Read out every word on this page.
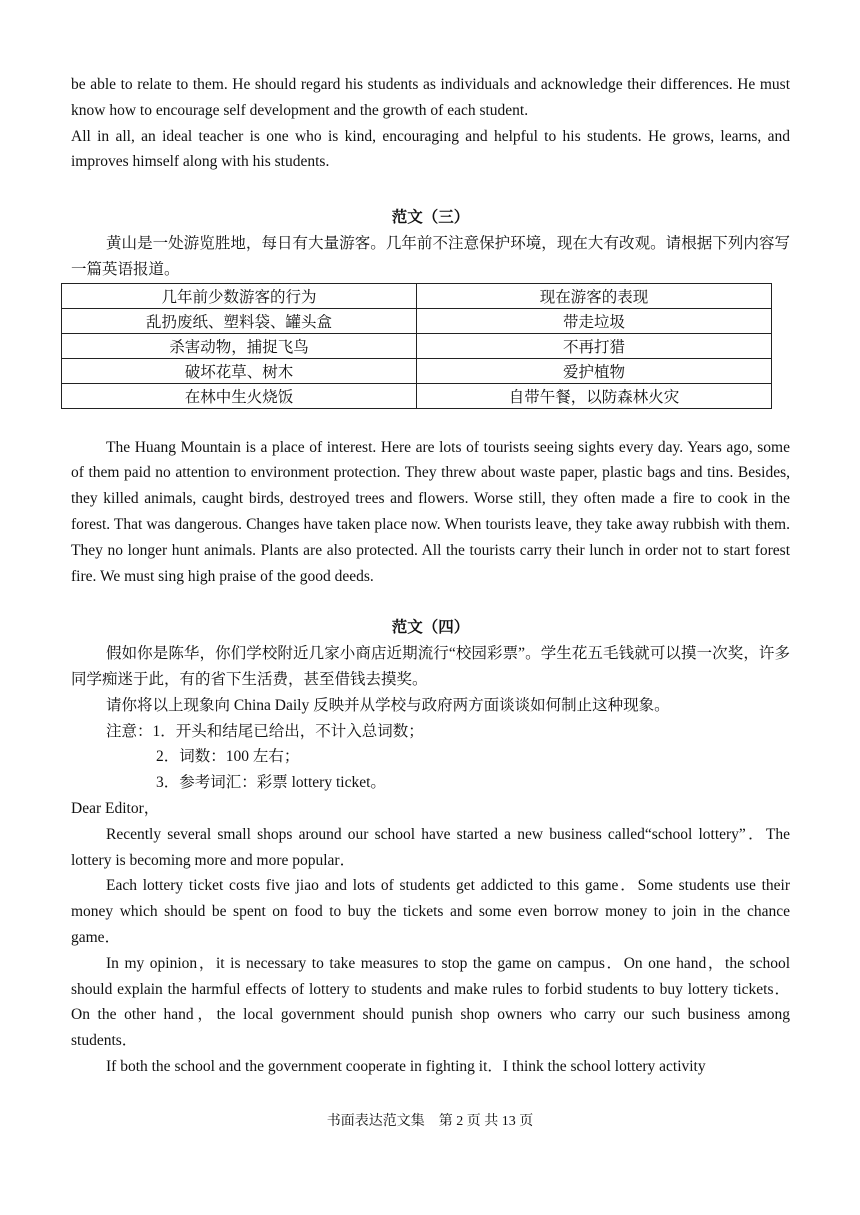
be able to relate to them. He should regard his students as individuals and acknowledge their differences. He must know how to encourage self development and the growth of each student.

All in all, an ideal teacher is one who is kind, encouraging and helpful to his students. He grows, learns, and improves himself along with his students.

范文（三）

黄山是一处游览胜地，每日有大量游客。几年前不注意保护环境，现在大有改观。请根据下列内容写一篇英语报道。

几年前少数游客的行为	现在游客的表现
乱扔废纸、塑料袋、罐头盒	带走垃圾
杀害动物，捕捉飞鸟	不再打猎
破坏花草、树木	爱护植物
在林中生火烧饭	自带午餐，以防森林火灾

The Huang Mountain is a place of interest. Here are lots of tourists seeing sights every day. Years ago, some of them paid no attention to environment protection. They threw about waste paper, plastic bags and tins. Besides, they killed animals, caught birds, destroyed trees and flowers. Worse still, they often made a fire to cook in the forest. That was dangerous. Changes have taken place now. When tourists leave, they take away rubbish with them. They no longer hunt animals. Plants are also protected. All the tourists carry their lunch in order not to start forest fire. We must sing high praise of the good deeds.

范文（四）

假如你是陈华，你们学校附近几家小商店近期流行“校园彩票”。学生花五毛钱就可以摸一次奖，许多同学痴迷于此，有的省下生活费，甚至借钱去摸奖。

请你将以上现象向 China Daily 反映并从学校与政府两方面谈谈如何制止这种现象。

注意：1．开头和结尾已给出，不计入总词数；

2．词数：100 左右；

3．参考词汇：彩票 lottery ticket。

Dear Editor，

Recently several small shops around our school have started a new business called“school lottery”．The lottery is becoming more and more popular．

Each lottery ticket costs five jiao and lots of students get addicted to this game．Some students use their money which should be spent on food to buy the tickets and some even borrow money to join in the chance game．

In my opinion，it is necessary to take measures to stop the game on campus．On one hand，the school should explain the harmful effects of lottery to students and make rules to forbid students to buy lottery tickets．On the other hand，the local government should punish shop owners who carry our such business among students．

If both the school and the government cooperate in fighting it．I think the school lottery activity

书面表达范文集　第 2 页 共 13 页
